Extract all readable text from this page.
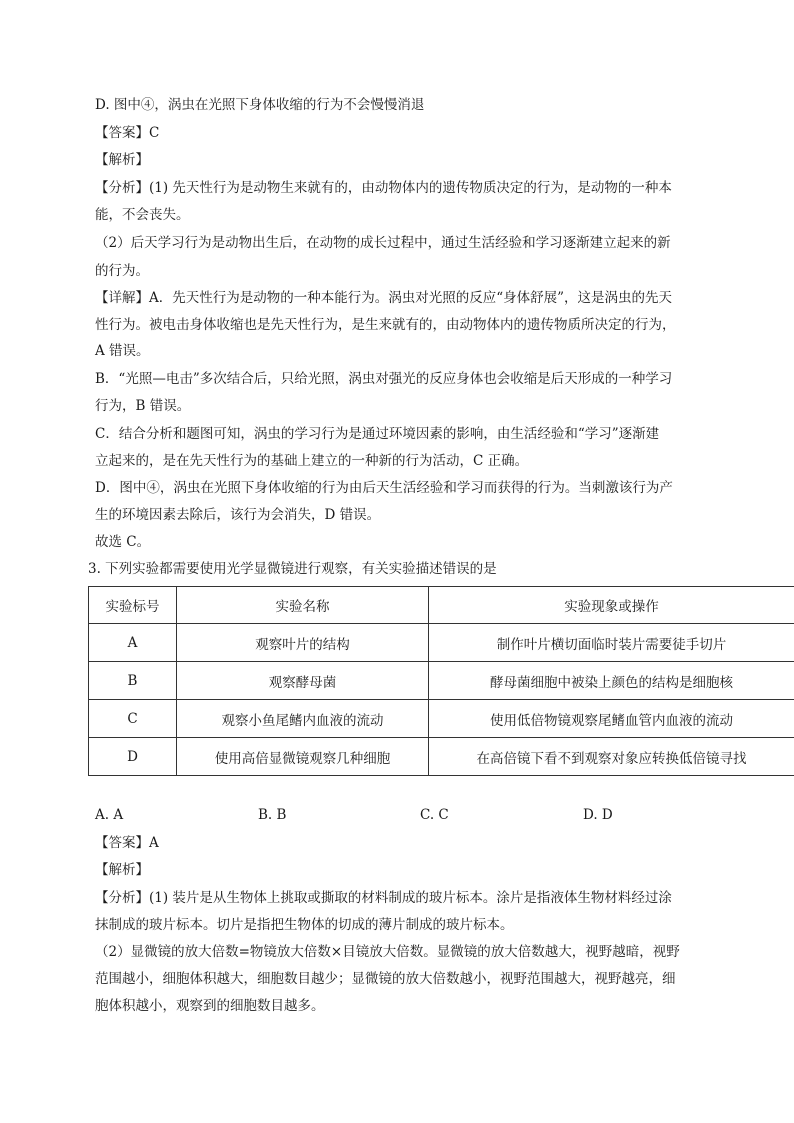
D. 图中④，涡虫在光照下身体收缩的行为不会慢慢消退
【答案】C
【解析】
【分析】(1) 先天性行为是动物生来就有的，由动物体内的遗传物质决定的行为，是动物的一种本
能，不会丧失。
（2）后天学习行为是动物出生后，在动物的成长过程中，通过生活经验和学习逐渐建立起来的新
的行为。
【详解】A．先天性行为是动物的一种本能行为。涡虫对光照的反应“身体舒展”，这是涡虫的先天
性行为。被电击身体收缩也是先天性行为，是生来就有的，由动物体内的遗传物质所决定的行为，
A 错误。
B．“光照—电击”多次结合后，只给光照，涡虫对强光的反应身体也会收缩是后天形成的一种学习
行为，B 错误。
C．结合分析和题图可知，涡虫的学习行为是通过环境因素的影响，由生活经验和“学习”逐渐建
立起来的，是在先天性行为的基础上建立的一种新的行为活动，C 正确。
D．图中④，涡虫在光照下身体收缩的行为由后天生活经验和学习而获得的行为。当刺激该行为产
生的环境因素去除后，该行为会消失，D 错误。
故选 C。
3. 下列实验都需要使用光学显微镜进行观察，有关实验描述错误的是
实验标号	实验名称	实验现象或操作
A	观察叶片的结构	制作叶片横切面临时装片需要徒手切片
B	观察酵母菌	酵母菌细胞中被染上颜色的结构是细胞核
C	观察小鱼尾鳍内血液的流动	使用低倍物镜观察尾鳍血管内血液的流动
D	使用高倍显微镜观察几种细胞	在高倍镜下看不到观察对象应转换低倍镜寻找
A. A	B. B	C. C	D. D
【答案】A
【解析】
【分析】(1) 装片是从生物体上挑取或撕取的材料制成的玻片标本。涂片是指液体生物材料经过涂
抹制成的玻片标本。切片是指把生物体的切成的薄片制成的玻片标本。
（2）显微镜的放大倍数=物镜放大倍数×目镜放大倍数。显微镜的放大倍数越大，视野越暗，视野
范围越小，细胞体积越大，细胞数目越少；显微镜的放大倍数越小，视野范围越大，视野越亮，细
胞体积越小，观察到的细胞数目越多。
